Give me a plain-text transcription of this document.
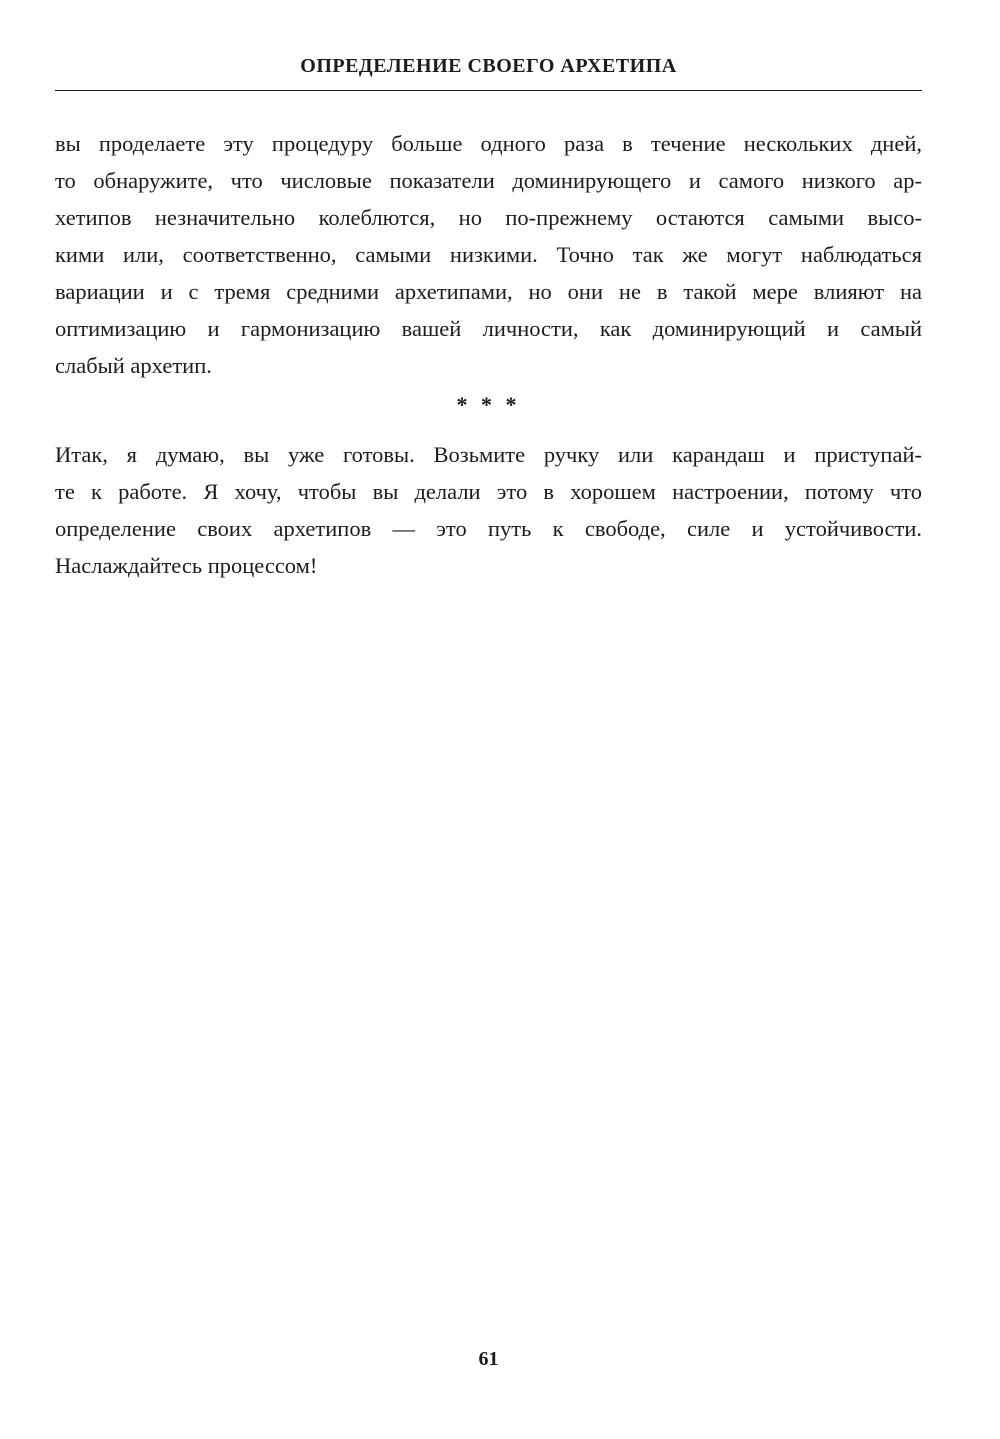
ОПРЕДЕЛЕНИЕ СВОЕГО АРХЕТИПА
вы проделаете эту процедуру больше одного раза в течение нескольких дней,
то обнаружите, что числовые показатели доминирующего и самого низкого ар-
хетипов незначительно колеблются, но по-прежнему остаются самыми высо-
кими или, соответственно, самыми низкими. Точно так же могут наблюдаться
вариации и с тремя средними архетипами, но они не в такой мере влияют на
оптимизацию и гармонизацию вашей личности, как доминирующий и самый
слабый архетип.
* * *
Итак, я думаю, вы уже готовы. Возьмите ручку или карандаш и приступай-
те к работе. Я хочу, чтобы вы делали это в хорошем настроении, потому что
определение своих архетипов — это путь к свободе, силе и устойчивости.
Наслаждайтесь процессом!
61
